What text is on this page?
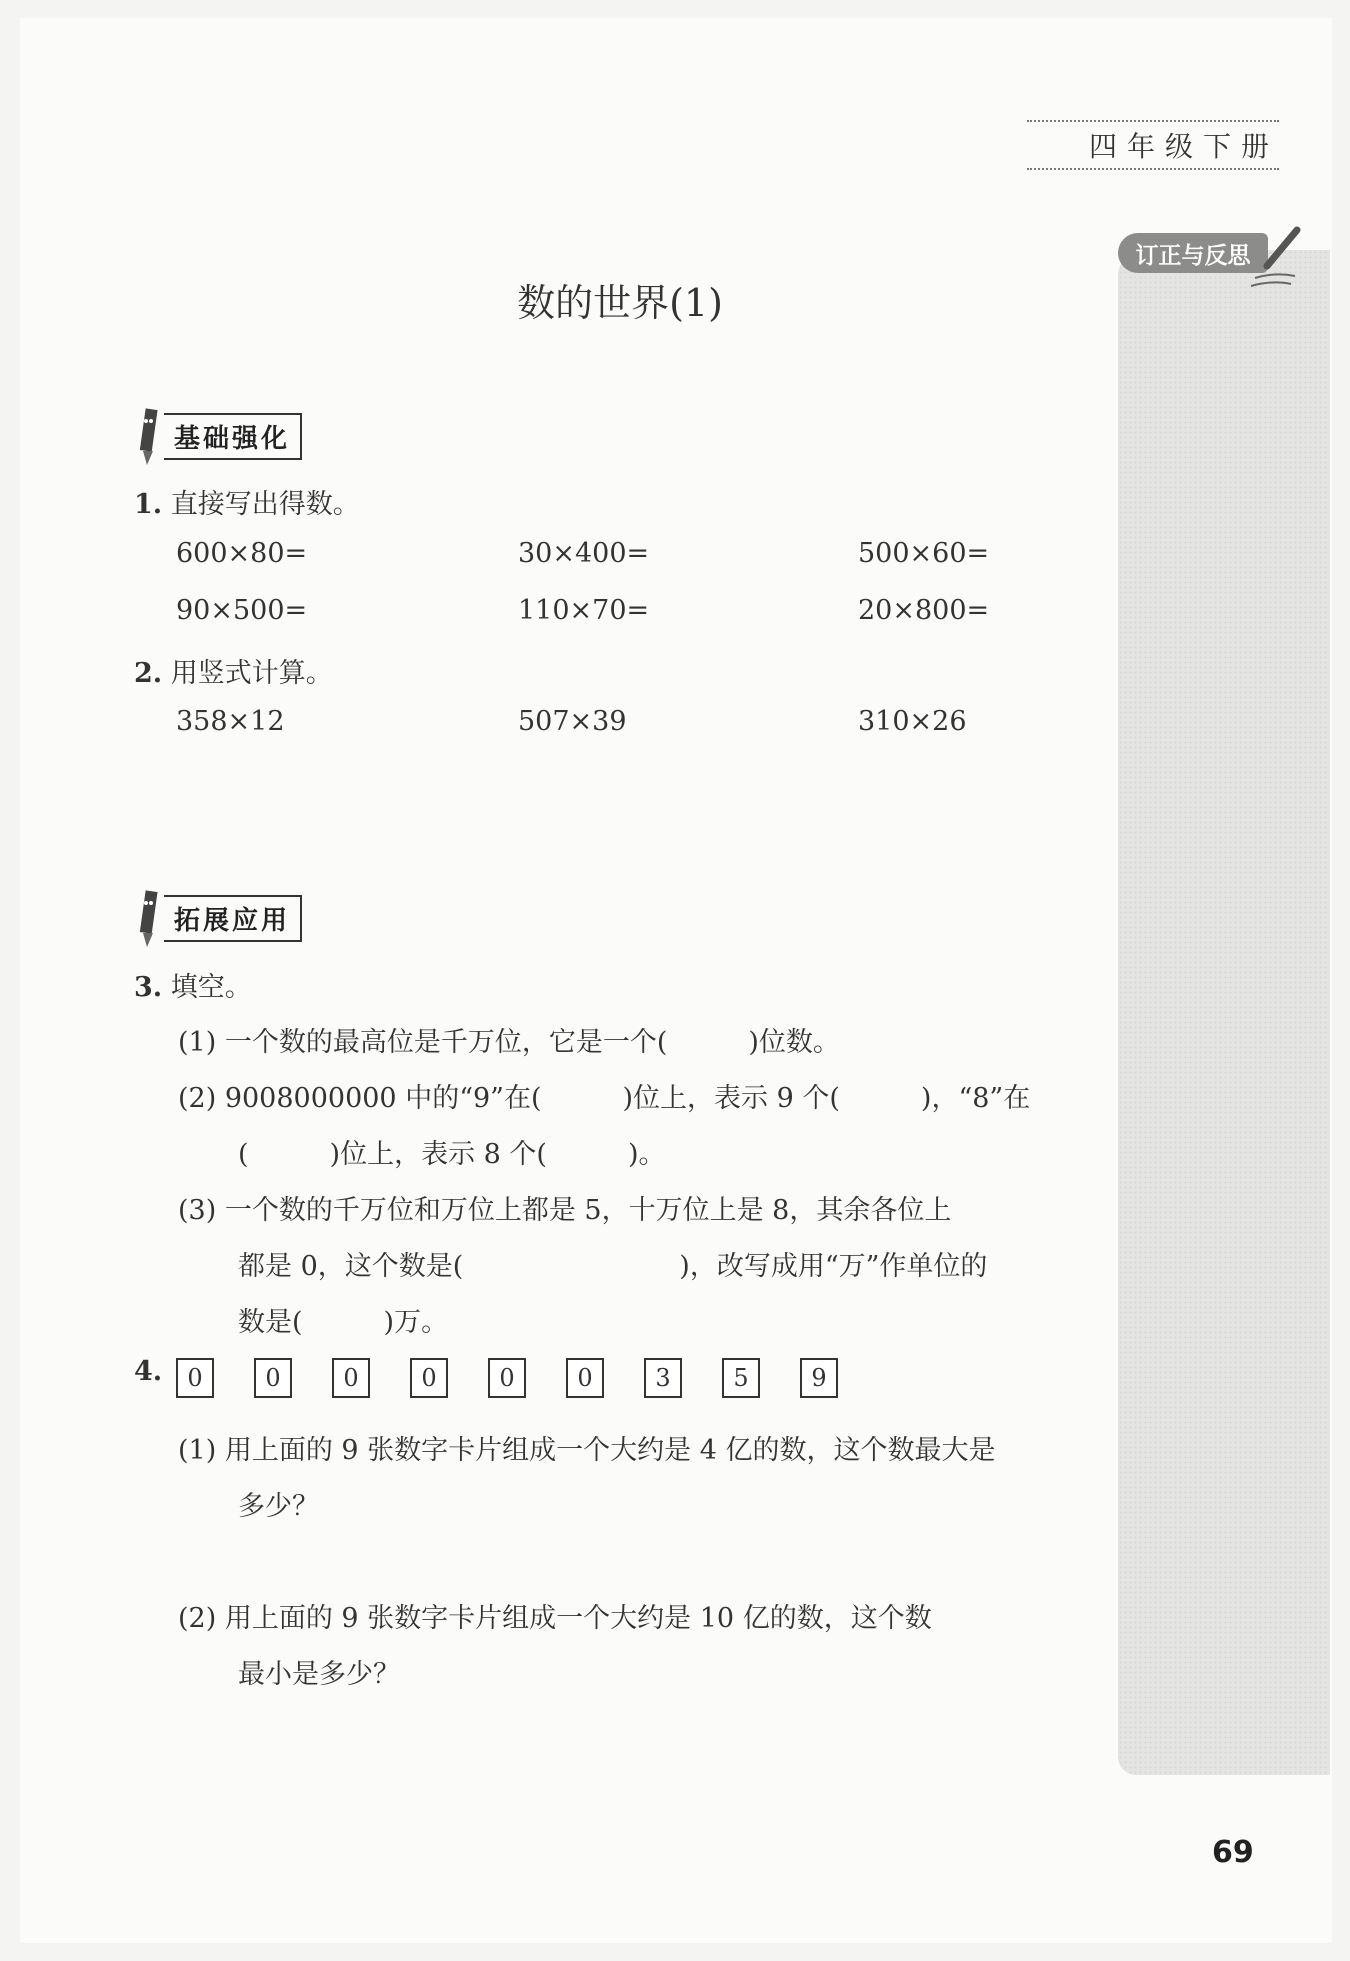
四年级下册
订正与反思
数的世界(1)
基础强化
1. 直接写出得数。
600×80=	30×400=	500×60=
90×500=	110×70=	20×800=
2. 用竖式计算。
358×12	507×39	310×26
拓展应用
3. 填空。
(1) 一个数的最高位是千万位，它是一个(　　　)位数。
(2) 9008000000 中的“9”在(　　　)位上，表示 9 个(　　　)，“8”在
(　　　)位上，表示 8 个(　　　)。
(3) 一个数的千万位和万位上都是 5，十万位上是 8，其余各位上
都是 0，这个数是(　　　　　　　　)，改写成用“万”作单位的
数是(　　　)万。
4.	0	0	0	0	0	0	3	5	9
(1) 用上面的 9 张数字卡片组成一个大约是 4 亿的数，这个数最大是
多少？
(2) 用上面的 9 张数字卡片组成一个大约是 10 亿的数，这个数
最小是多少？
69
